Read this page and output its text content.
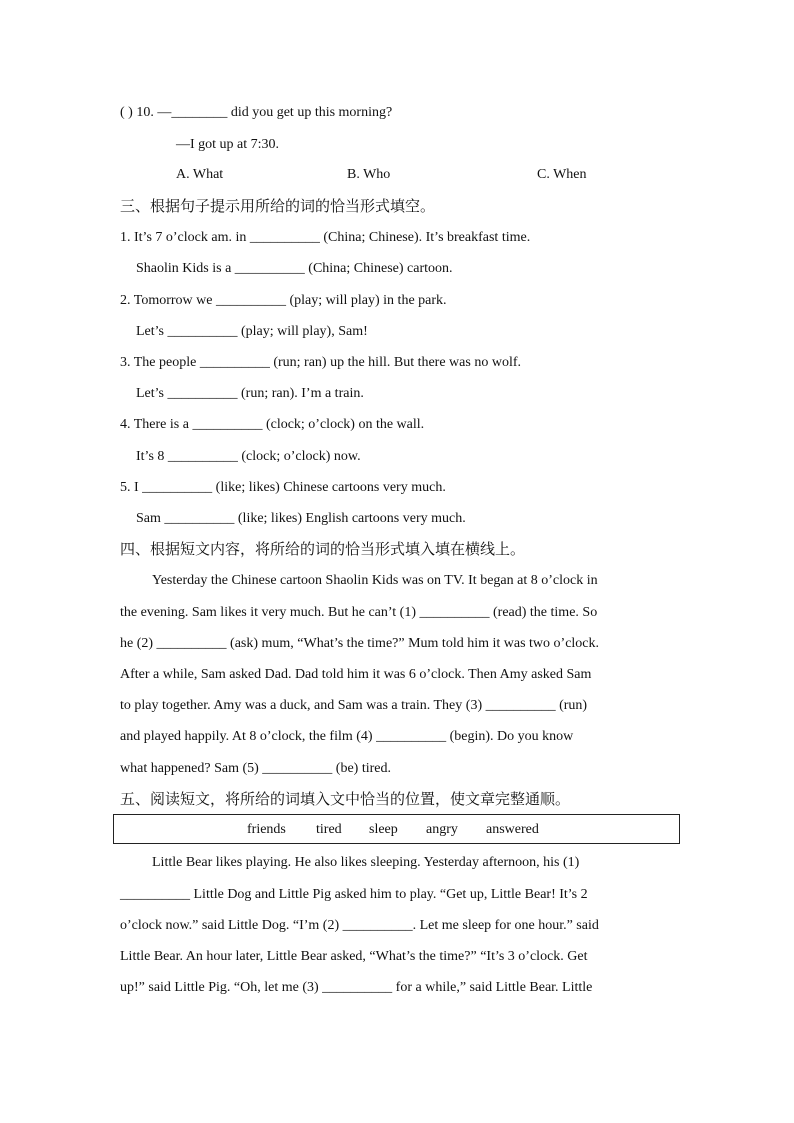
( ) 10. —________ did you get up this morning?
—I got up at 7:30.
A. What	B. Who	C. When
三、根据句子提示用所给的词的恰当形式填空。
1. It’s 7 o’clock am. in __________ (China; Chinese). It’s breakfast time.
Shaolin Kids is a __________ (China; Chinese) cartoon.
2. Tomorrow we __________ (play; will play) in the park.
Let’s __________ (play; will play), Sam!
3. The people __________ (run; ran) up the hill. But there was no wolf.
Let’s __________ (run; ran). I’m a train.
4. There is a __________ (clock; o’clock) on the wall.
It’s 8 __________ (clock; o’clock) now.
5. I __________ (like; likes) Chinese cartoons very much.
Sam __________ (like; likes) English cartoons very much.
四、根据短文内容，将所给的词的恰当形式填入填在横线上。
Yesterday the Chinese cartoon Shaolin Kids was on TV. It began at 8 o’clock in
the evening. Sam likes it very much. But he can’t (1) __________ (read) the time. So
he (2) __________ (ask) mum, “What’s the time?” Mum told him it was two o’clock.
After a while, Sam asked Dad. Dad told him it was 6 o’clock. Then Amy asked Sam
to play together. Amy was a duck, and Sam was a train. They (3) __________ (run)
and played happily. At 8 o’clock, the film (4) __________ (begin). Do you know
what happened? Sam (5) __________ (be) tired.
五、阅读短文，将所给的词填入文中恰当的位置，使文章完整通顺。
friends tired sleep angry answered
Little Bear likes playing. He also likes sleeping. Yesterday afternoon, his (1)
__________ Little Dog and Little Pig asked him to play. “Get up, Little Bear! It’s 2
o’clock now.” said Little Dog. “I’m (2) __________. Let me sleep for one hour.” said
Little Bear. An hour later, Little Bear asked, “What’s the time?” “It’s 3 o’clock. Get
up!” said Little Pig. “Oh, let me (3) __________ for a while,” said Little Bear. Little
